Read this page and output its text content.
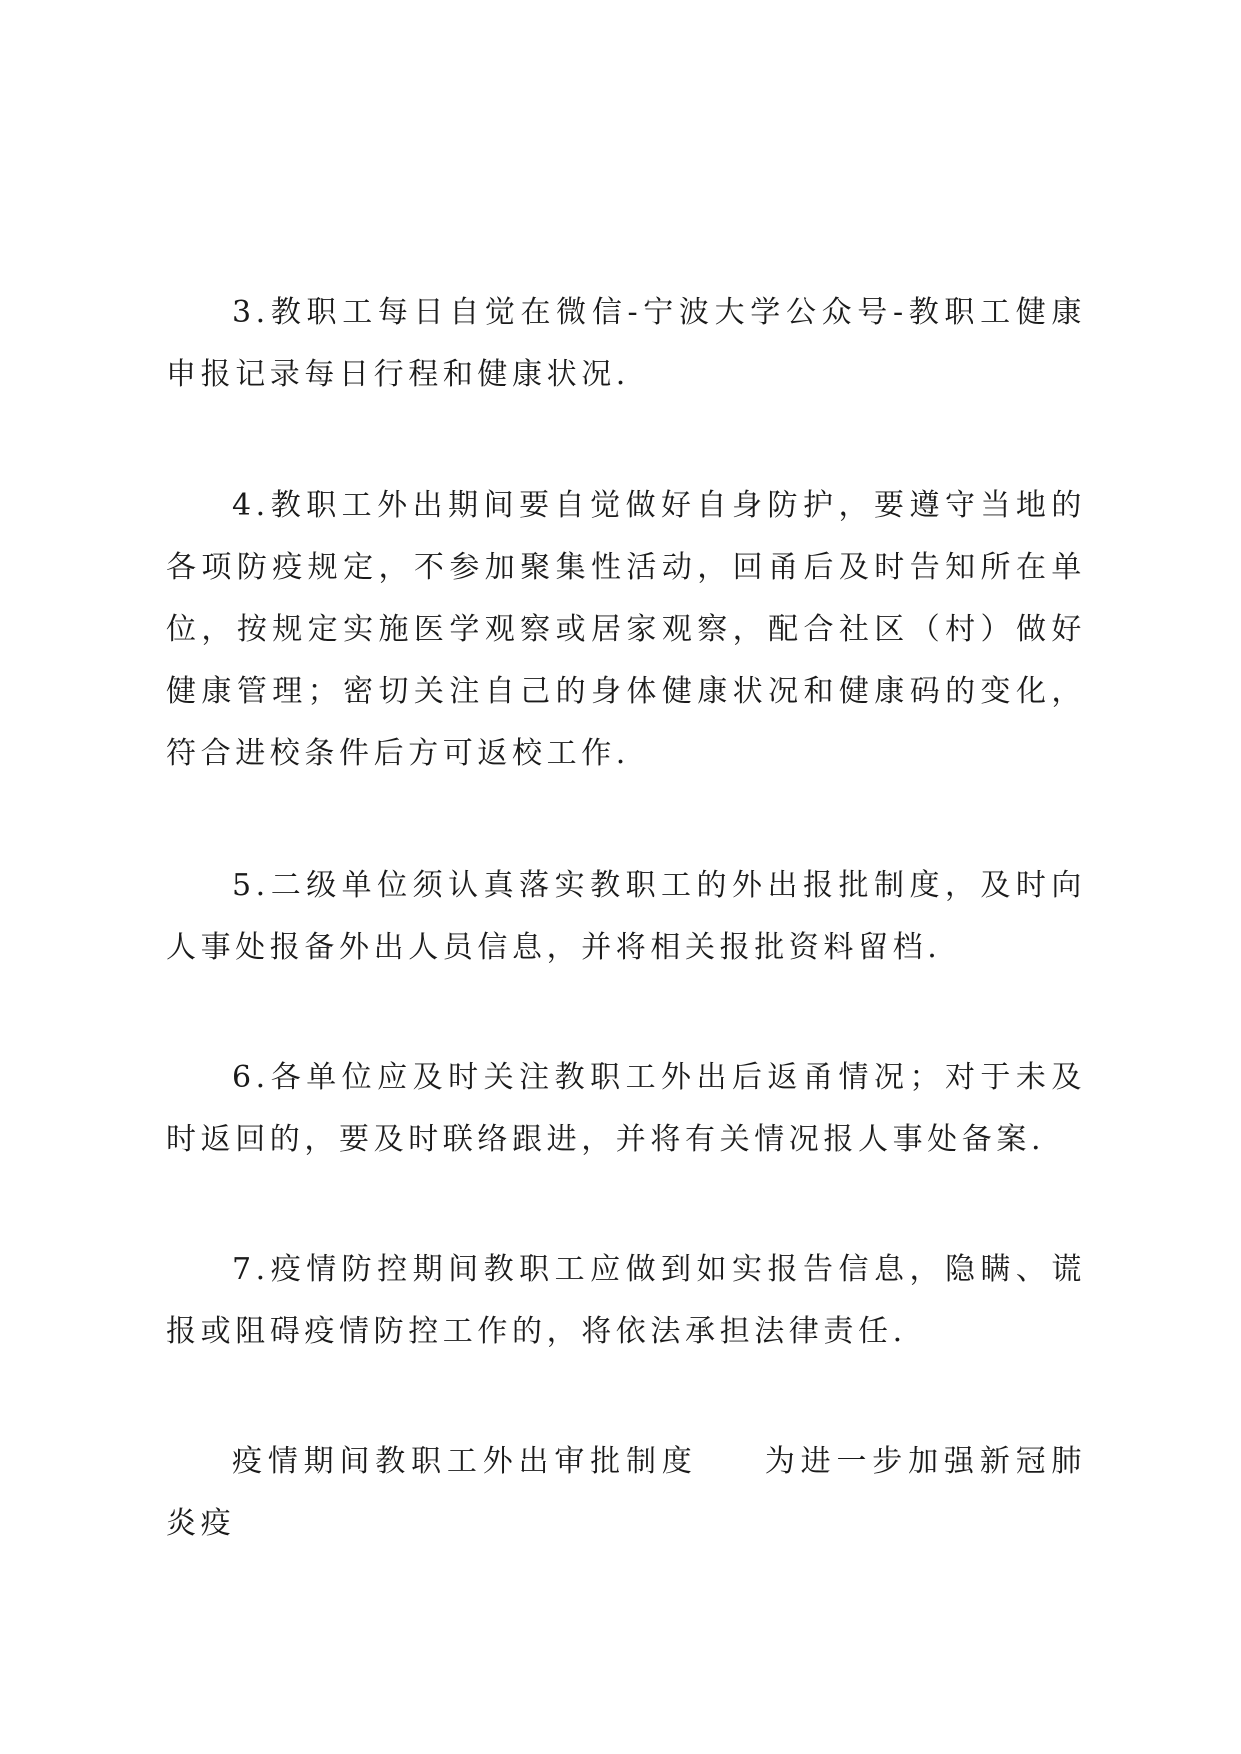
3.教职工每日自觉在微信-宁波大学公众号-教职工健康申报记录每日行程和健康状况.

4.教职工外出期间要自觉做好自身防护，要遵守当地的各项防疫规定，不参加聚集性活动，回甬后及时告知所在单位，按规定实施医学观察或居家观察，配合社区（村）做好健康管理；密切关注自己的身体健康状况和健康码的变化，符合进校条件后方可返校工作.

5.二级单位须认真落实教职工的外出报批制度，及时向人事处报备外出人员信息，并将相关报批资料留档.

6.各单位应及时关注教职工外出后返甬情况；对于未及时返回的，要及时联络跟进，并将有关情况报人事处备案.

7.疫情防控期间教职工应做到如实报告信息，隐瞒、谎报或阻碍疫情防控工作的，将依法承担法律责任.

疫情期间教职工外出审批制度 为进一步加强新冠肺炎疫
